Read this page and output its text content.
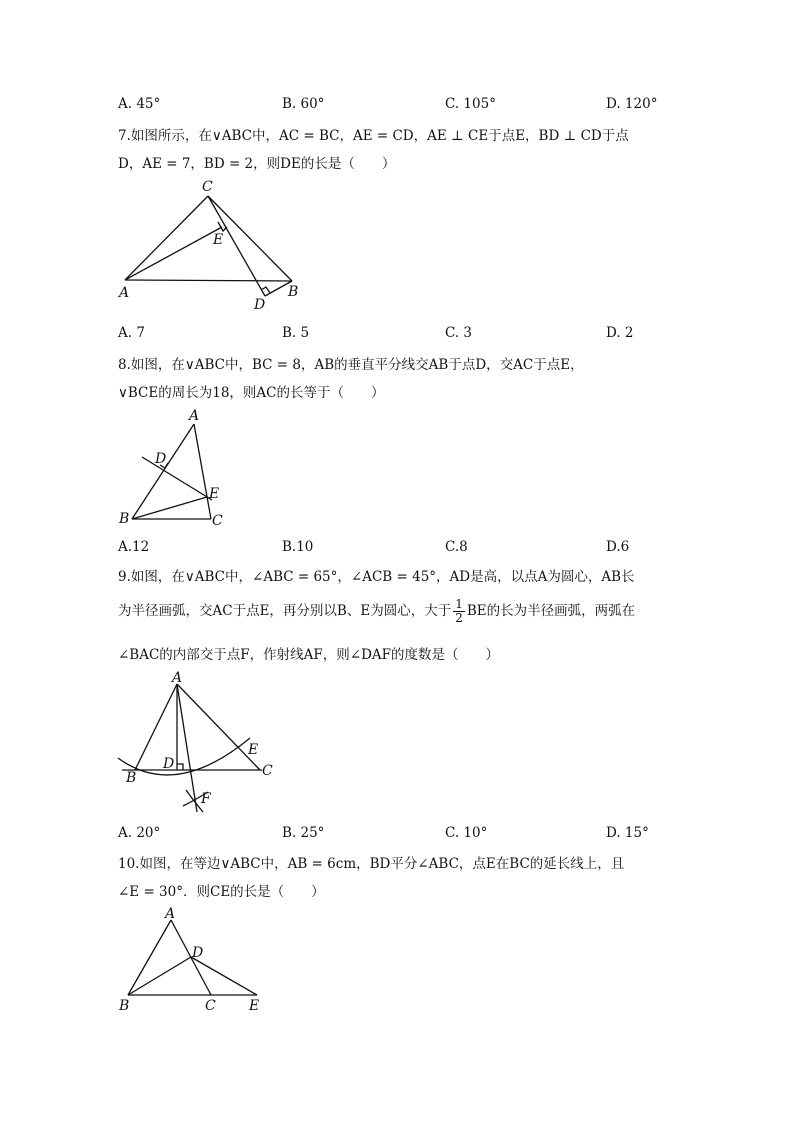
A. 45°	B. 60°	C. 105°	D. 120°
7.如图所示，在∨ABC中，AC = BC，AE = CD，AE ⊥ CE于点E，BD ⊥ CD于点
D，AE = 7，BD = 2，则DE的长是（　　）
C
E
A
D
B
A. 7	B. 5	C. 3	D. 2
8.如图，在∨ABC中，BC = 8，AB的垂直平分线交AB于点D，交AC于点E，
∨BCE的周长为18，则AC的长等于（　　）
A
D
E
B	C
A.12	B.10	C.8	D.6
9.如图，在∨ABC中，∠ABC = 65°，∠ACB = 45°，AD是高，以点A为圆心，AB长
为半径画弧，交AC于点E，再分别以B、E为圆心，大于 $\frac{1}{2}$ BE的长为半径画弧，两弧在
∠BAC的内部交于点F，作射线AF，则∠DAF的度数是（　　）
A
E
D
B	C
F
A. 20°	B. 25°	C. 10°	D. 15°
10.如图，在等边∨ABC中，AB = 6cm，BD平分∠ABC，点E在BC的延长线上，且
∠E = 30°．则CE的长是（　　）
A
D
B	C E
